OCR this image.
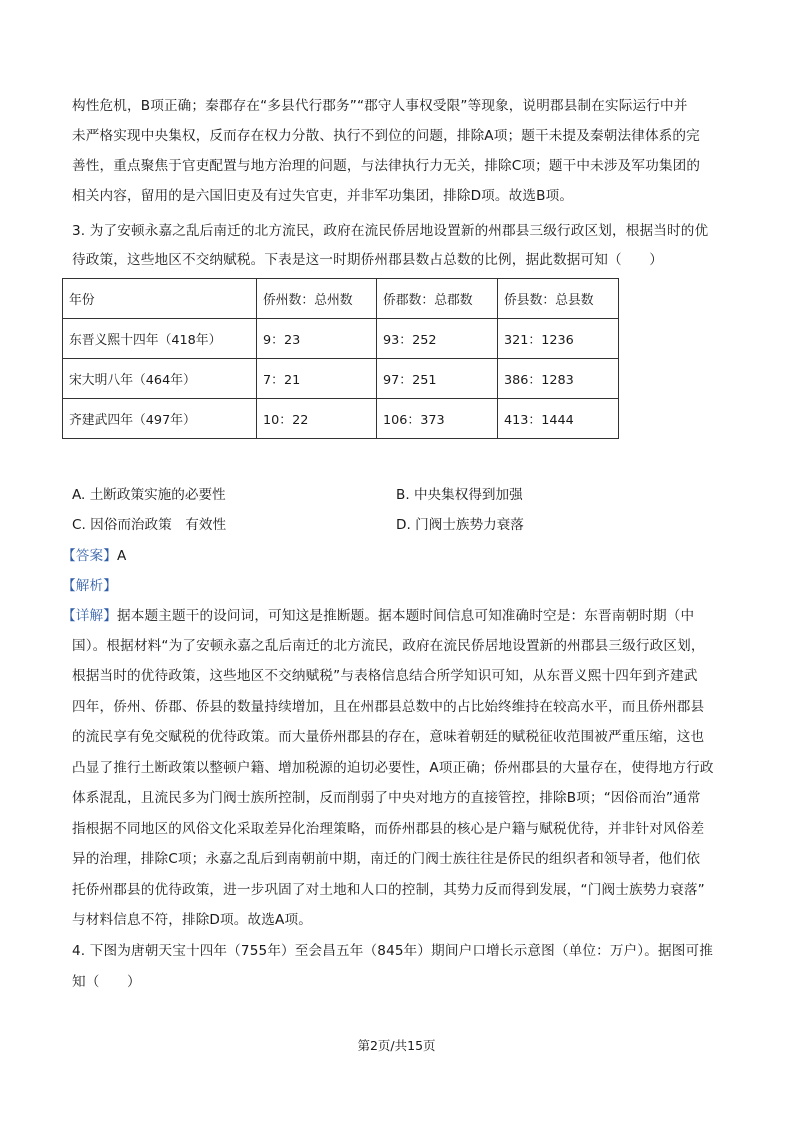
构性危机，B项正确；秦郡存在“多县代行郡务”“郡守人事权受限”等现象，说明郡县制在实际运行中并
未严格实现中央集权，反而存在权力分散、执行不到位的问题，排除A项；题干未提及秦朝法律体系的完
善性，重点聚焦于官吏配置与地方治理的问题，与法律执行力无关，排除C项；题干中未涉及军功集团的
相关内容，留用的是六国旧吏及有过失官吏，并非军功集团，排除D项。故选B项。
3. 为了安顿永嘉之乱后南迁的北方流民，政府在流民侨居地设置新的州郡县三级行政区划，根据当时的优
待政策，这些地区不交纳赋税。下表是这一时期侨州郡县数占总数的比例，据此数据可知（　　）
年份	侨州数：总州数	侨郡数：总郡数	侨县数：总县数
东晋义熙十四年（418年）	9：23	93：252	321：1236
宋大明八年（464年）	7：21	97：251	386：1283
齐建武四年（497年）	10：22	106：373	413：1444
A. 土断政策实施的必要性	B. 中央集权得到加强
C. 因俗而治政策　有效性	D. 门阀士族势力衰落
【答案】A
【解析】
【详解】据本题主题干的设问词，可知这是推断题。据本题时间信息可知准确时空是：东晋南朝时期（中
国）。根据材料“为了安顿永嘉之乱后南迁的北方流民，政府在流民侨居地设置新的州郡县三级行政区划，
根据当时的优待政策，这些地区不交纳赋税”与表格信息结合所学知识可知，从东晋义熙十四年到齐建武
四年，侨州、侨郡、侨县的数量持续增加，且在州郡县总数中的占比始终维持在较高水平，而且侨州郡县
的流民享有免交赋税的优待政策。而大量侨州郡县的存在，意味着朝廷的赋税征收范围被严重压缩，这也
凸显了推行土断政策以整顿户籍、增加税源的迫切必要性，A项正确；侨州郡县的大量存在，使得地方行政
体系混乱，且流民多为门阀士族所控制，反而削弱了中央对地方的直接管控，排除B项；“因俗而治”通常
指根据不同地区的风俗文化采取差异化治理策略，而侨州郡县的核心是户籍与赋税优待，并非针对风俗差
异的治理，排除C项；永嘉之乱后到南朝前中期，南迁的门阀士族往往是侨民的组织者和领导者，他们依
托侨州郡县的优待政策，进一步巩固了对土地和人口的控制，其势力反而得到发展，“门阀士族势力衰落”
与材料信息不符，排除D项。故选A项。
4. 下图为唐朝天宝十四年（755年）至会昌五年（845年）期间户口增长示意图（单位：万户）。据图可推
知（　　）
第2页/共15页
